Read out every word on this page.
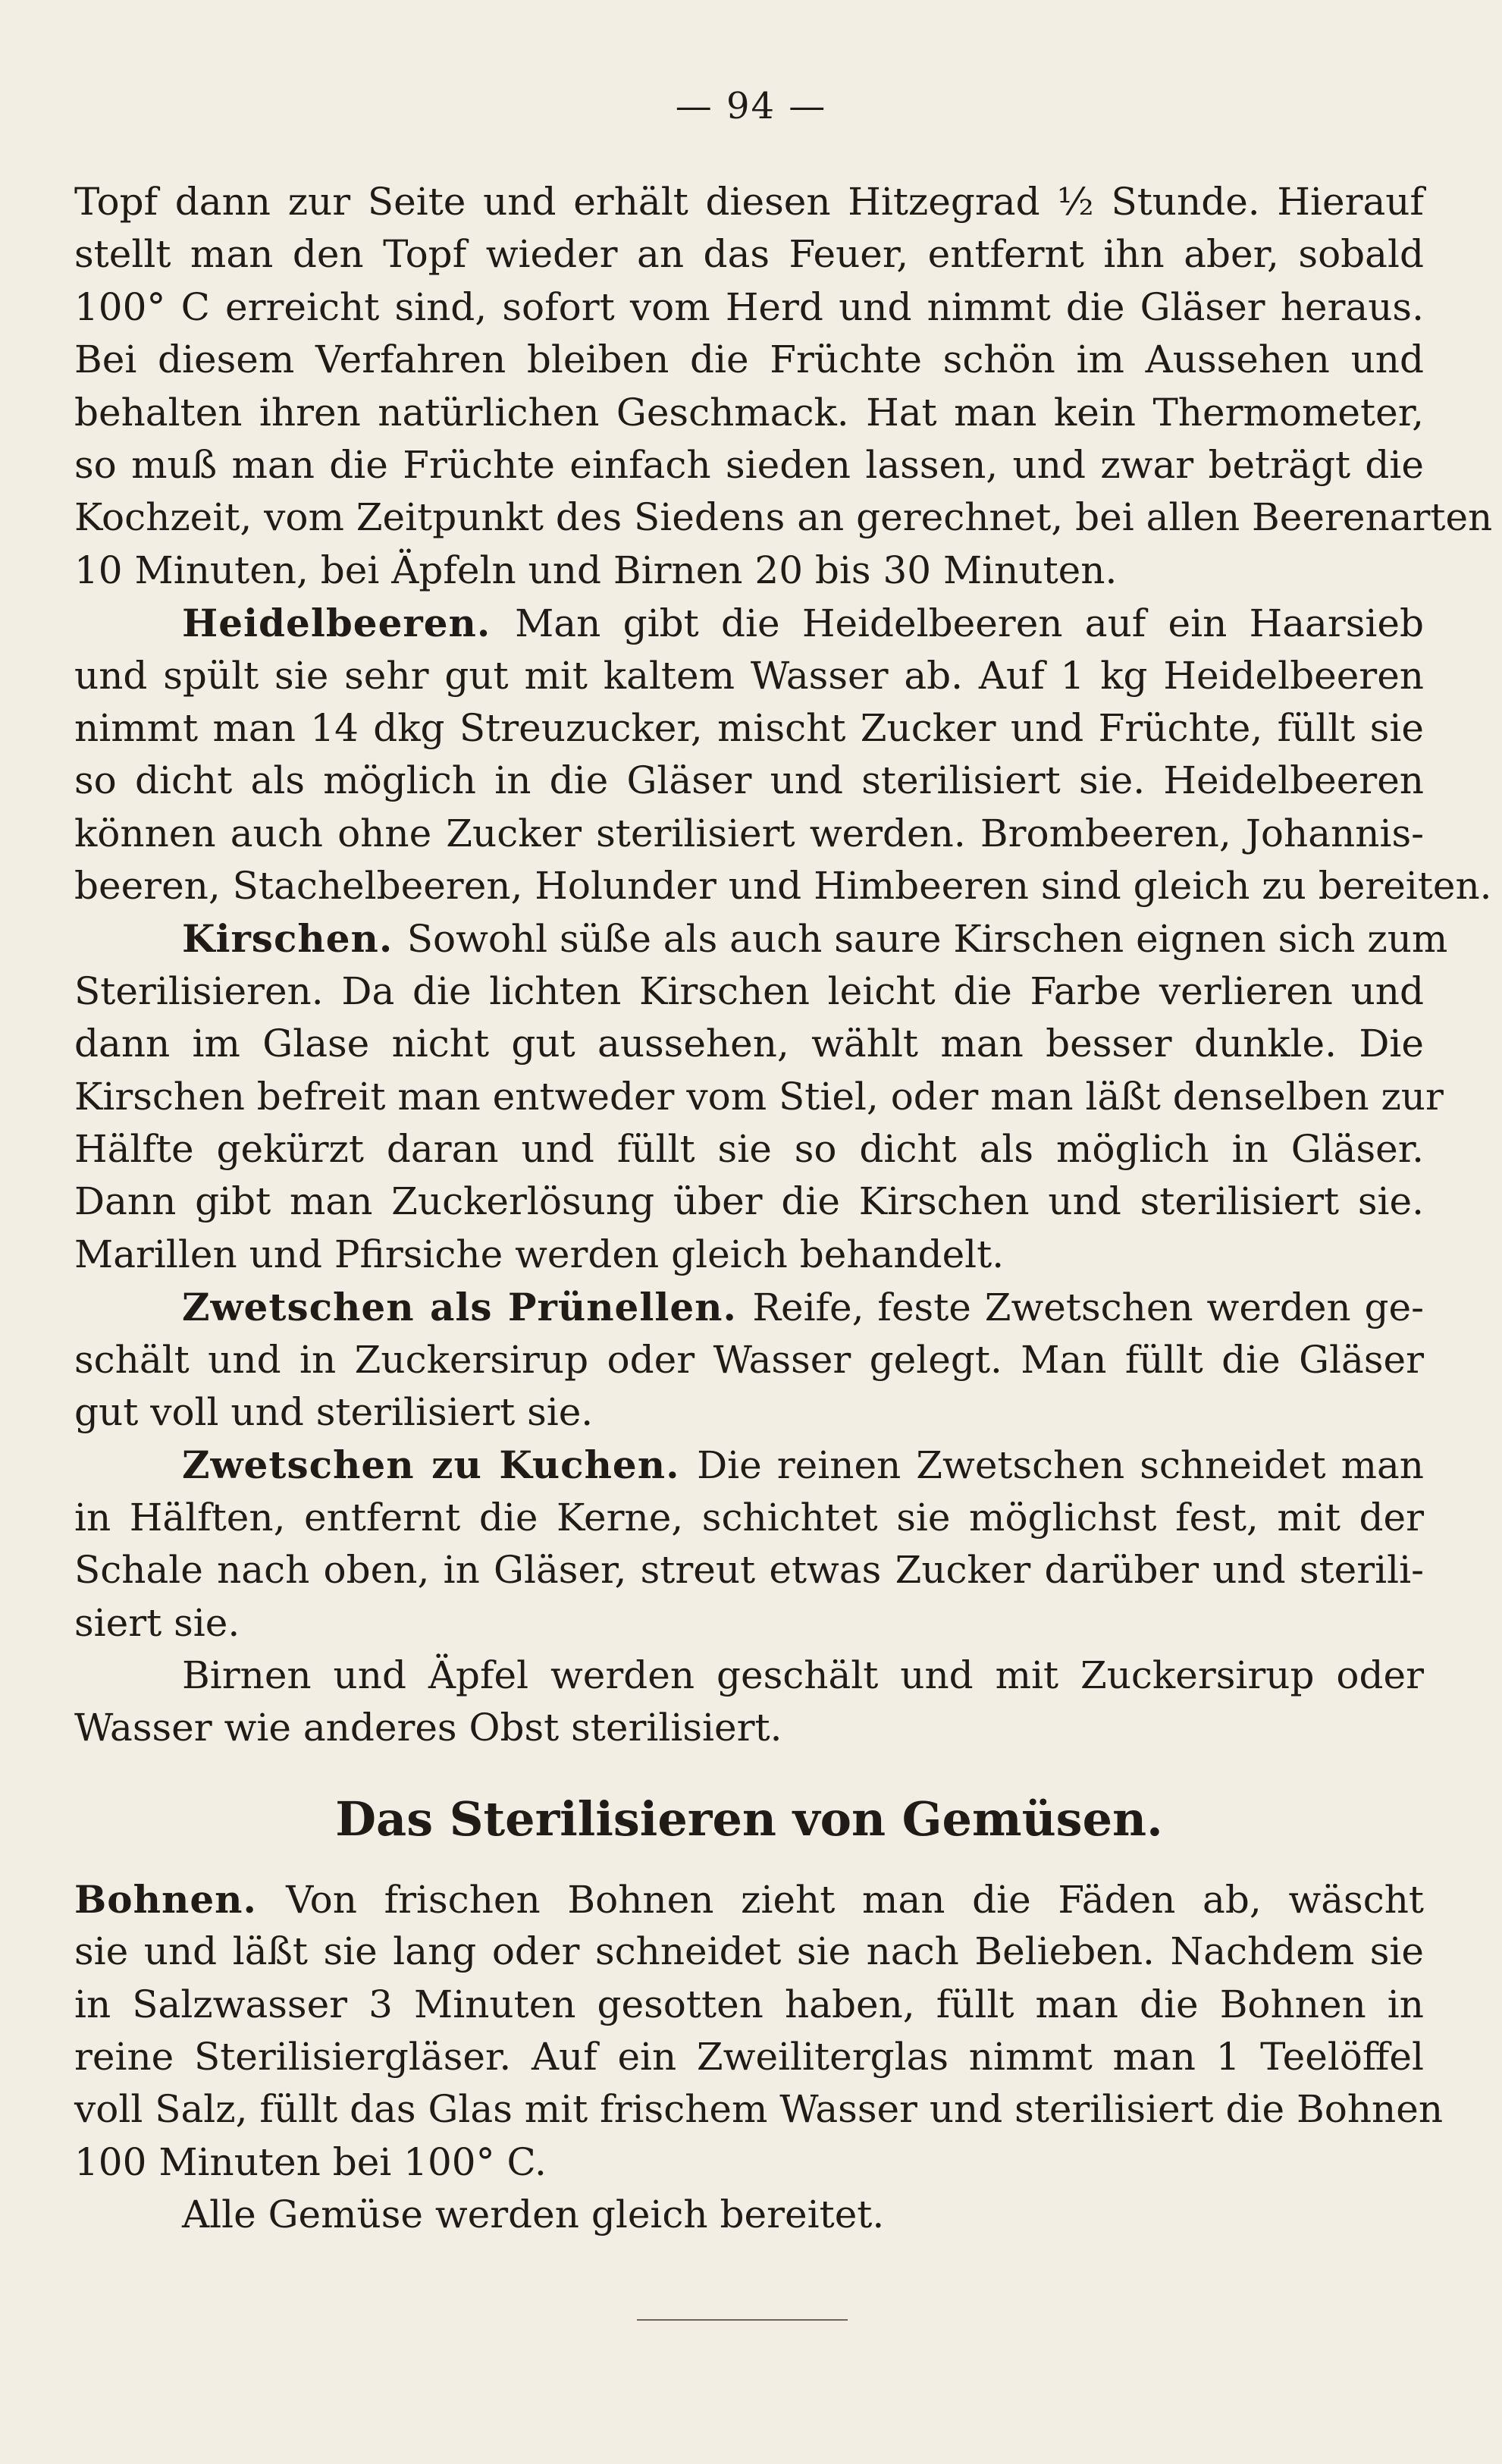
— 94 —
Topf dann zur Seite und erhält diesen Hitzegrad ½ Stunde. Hierauf
stellt man den Topf wieder an das Feuer, entfernt ihn aber, sobald
100° C erreicht sind, sofort vom Herd und nimmt die Gläser heraus.
Bei diesem Verfahren bleiben die Früchte schön im Aussehen und
behalten ihren natürlichen Geschmack. Hat man kein Thermometer,
so muß man die Früchte einfach sieden lassen, und zwar beträgt die
Kochzeit, vom Zeitpunkt des Siedens an gerechnet, bei allen Beerenarten
10 Minuten, bei Äpfeln und Birnen 20 bis 30 Minuten.
Heidelbeeren. Man gibt die Heidelbeeren auf ein Haarsieb
und spült sie sehr gut mit kaltem Wasser ab. Auf 1 kg Heidelbeeren
nimmt man 14 dkg Streuzucker, mischt Zucker und Früchte, füllt sie
so dicht als möglich in die Gläser und sterilisiert sie. Heidelbeeren
können auch ohne Zucker sterilisiert werden. Brombeeren, Johannis-
beeren, Stachelbeeren, Holunder und Himbeeren sind gleich zu bereiten.
Kirschen. Sowohl süße als auch saure Kirschen eignen sich zum
Sterilisieren. Da die lichten Kirschen leicht die Farbe verlieren und
dann im Glase nicht gut aussehen, wählt man besser dunkle. Die
Kirschen befreit man entweder vom Stiel, oder man läßt denselben zur
Hälfte gekürzt daran und füllt sie so dicht als möglich in Gläser.
Dann gibt man Zuckerlösung über die Kirschen und sterilisiert sie.
Marillen und Pfirsiche werden gleich behandelt.
Zwetschen als Prünellen. Reife, feste Zwetschen werden ge-
schält und in Zuckersirup oder Wasser gelegt. Man füllt die Gläser
gut voll und sterilisiert sie.
Zwetschen zu Kuchen. Die reinen Zwetschen schneidet man
in Hälften, entfernt die Kerne, schichtet sie möglichst fest, mit der
Schale nach oben, in Gläser, streut etwas Zucker darüber und sterili-
siert sie.
Birnen und Äpfel werden geschält und mit Zuckersirup oder
Wasser wie anderes Obst sterilisiert.
Das Sterilisieren von Gemüsen.
Bohnen. Von frischen Bohnen zieht man die Fäden ab, wäscht
sie und läßt sie lang oder schneidet sie nach Belieben. Nachdem sie
in Salzwasser 3 Minuten gesotten haben, füllt man die Bohnen in
reine Sterilisiergläser. Auf ein Zweiliterglas nimmt man 1 Teelöffel
voll Salz, füllt das Glas mit frischem Wasser und sterilisiert die Bohnen
100 Minuten bei 100° C.
Alle Gemüse werden gleich bereitet.
